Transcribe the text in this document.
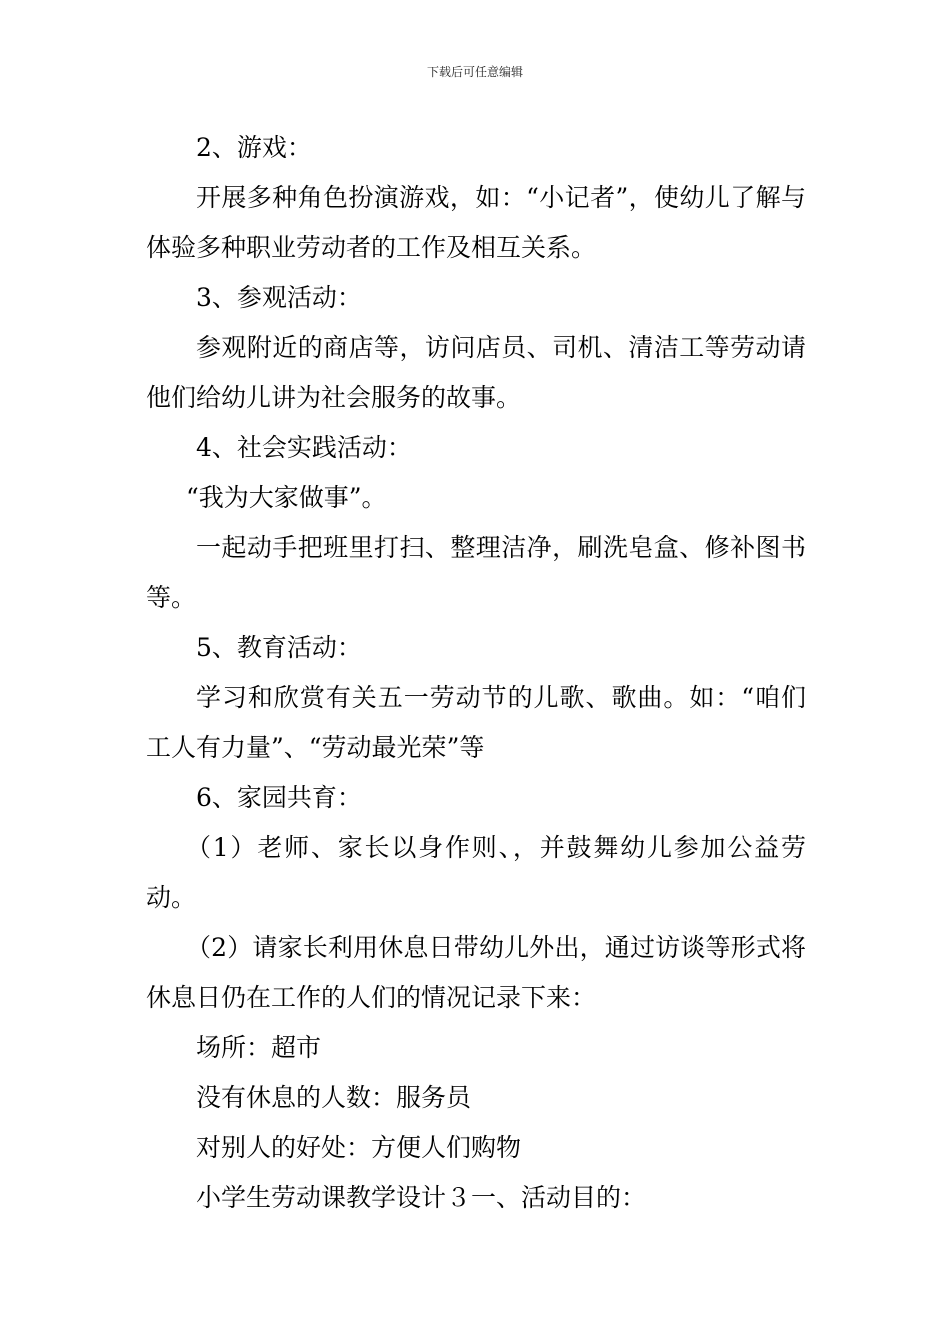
下载后可任意编辑

2、游戏：

开展多种角色扮演游戏，如：“小记者”，使幼儿了解与体验多种职业劳动者的工作及相互关系。

3、参观活动：

参观附近的商店等，访问店员、司机、清洁工等劳动请他们给幼儿讲为社会服务的故事。

4、社会实践活动：

“我为大家做事”。

一起动手把班里打扫、整理洁净，刷洗皂盒、修补图书等。

5、教育活动：

学习和欣赏有关五一劳动节的儿歌、歌曲。如：“咱们工人有力量”、“劳动最光荣”等

6、家园共育：

（1）老师、家长以身作则、，并鼓舞幼儿参加公益劳动。

（2）请家长利用休息日带幼儿外出，通过访谈等形式将休息日仍在工作的人们的情况记录下来：

场所：超市

没有休息的人数：服务员

对别人的好处：方便人们购物

小学生劳动课教学设计３一、活动目的：
